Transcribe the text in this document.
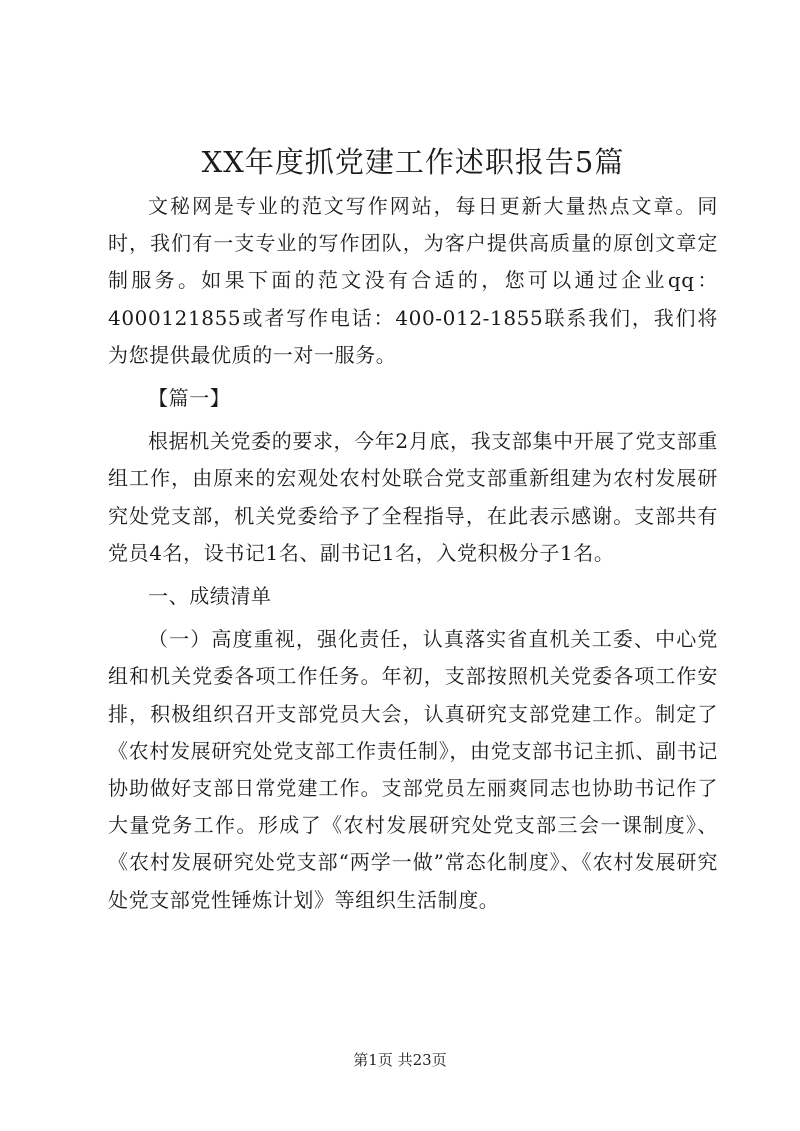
XX年度抓党建工作述职报告5篇

文秘网是专业的范文写作网站，每日更新大量热点文章。同时，我们有一支专业的写作团队，为客户提供高质量的原创文章定制服务。如果下面的范文没有合适的，您可以通过企业qq：4000121855或者写作电话：400-012-1855联系我们，我们将为您提供最优质的一对一服务。

【篇一】

根据机关党委的要求，今年2月底，我支部集中开展了党支部重组工作，由原来的宏观处农村处联合党支部重新组建为农村发展研究处党支部，机关党委给予了全程指导，在此表示感谢。支部共有党员4名，设书记1名、副书记1名，入党积极分子1名。

一、成绩清单

（一）高度重视，强化责任，认真落实省直机关工委、中心党组和机关党委各项工作任务。年初，支部按照机关党委各项工作安排，积极组织召开支部党员大会，认真研究支部党建工作。制定了《农村发展研究处党支部工作责任制》，由党支部书记主抓、副书记协助做好支部日常党建工作。支部党员左丽爽同志也协助书记作了大量党务工作。形成了《农村发展研究处党支部三会一课制度》、《农村发展研究处党支部“两学一做”常态化制度》、《农村发展研究处党支部党性锤炼计划》等组织生活制度。

第1页 共23页
